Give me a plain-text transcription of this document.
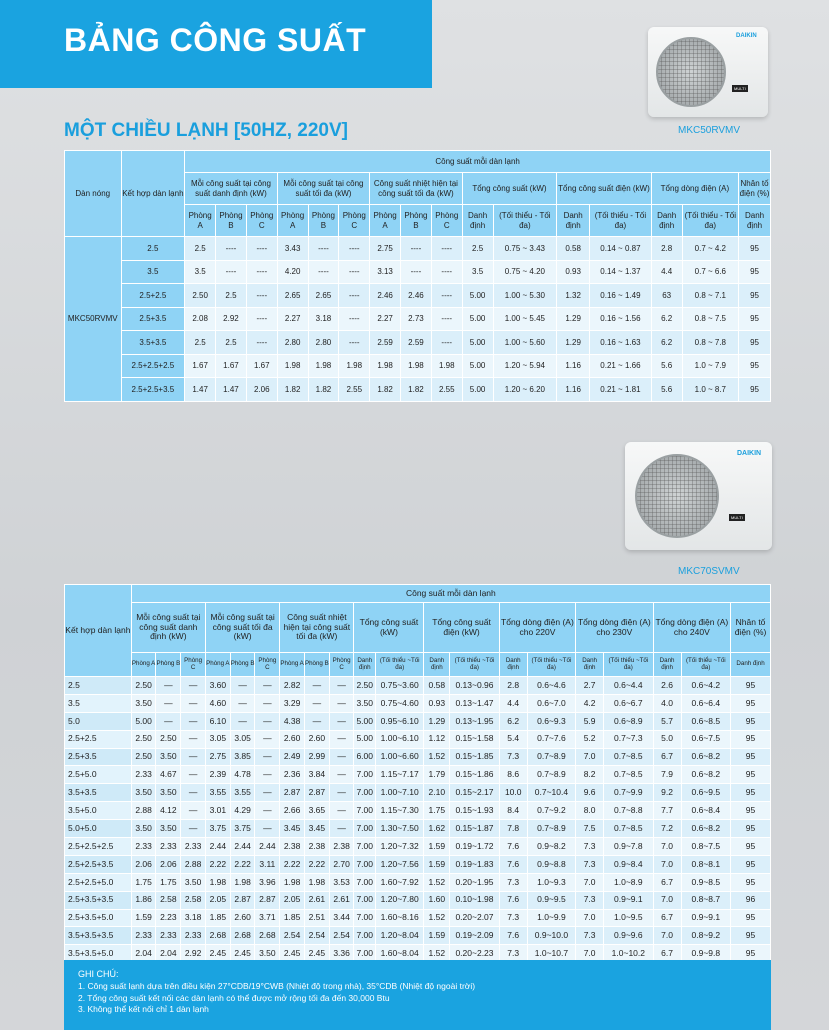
BẢNG CÔNG SUẤT
MỘT CHIỀU LẠNH [50HZ, 220V]
DAIKIN
MULTI
MKC50RVMV
DAIKIN
MULTI
MKC70SVMV
Dàn nóng	Kết hợp dàn lạnh	Công suất mỗi dàn lạnh															
		Mỗi công suất tại công suất danh định (kW)			Mỗi công suất tại công suất tối đa (kW)			Công suất nhiệt hiện tại công suất tối đa (kW)			Tổng công suất (kW)		Tổng công suất điện (kW)		Tổng dòng điện (A)		Nhân tố điện (%)
		Phòng A	Phòng B	Phòng C	Phòng A	Phòng B	Phòng C	Phòng A	Phòng B	Phòng C	Danh định	(Tối thiểu - Tối đa)	Danh định	(Tối thiểu - Tối đa)	Danh định	(Tối thiểu - Tối đa)	Danh định
MKC50RVMV	2.5	2.5	----	----	3.43	----	----	2.75	----	----	2.5	0.75 ~ 3.43	0.58	0.14 ~ 0.87	2.8	0.7 ~ 4.2	95
	3.5	3.5	----	----	4.20	----	----	3.13	----	----	3.5	0.75 ~ 4.20	0.93	0.14 ~ 1.37	4.4	0.7 ~ 6.6	95
	2.5+2.5	2.50	2.5	----	2.65	2.65	----	2.46	2.46	----	5.00	1.00 ~ 5.30	1.32	0.16 ~ 1.49	63	0.8 ~ 7.1	95
	2.5+3.5	2.08	2.92	----	2.27	3.18	----	2.27	2.73	----	5.00	1.00 ~ 5.45	1.29	0.16 ~ 1.56	6.2	0.8 ~ 7.5	95
	3.5+3.5	2.5	2.5	----	2.80	2.80	----	2.59	2.59	----	5.00	1.00 ~ 5.60	1.29	0.16 ~ 1.63	6.2	0.8 ~ 7.8	95
	2.5+2.5+2.5	1.67	1.67	1.67	1.98	1.98	1.98	1.98	1.98	1.98	5.00	1.20 ~ 5.94	1.16	0.21 ~ 1.66	5.6	1.0 ~ 7.9	95
	2.5+2.5+3.5	1.47	1.47	2.06	1.82	1.82	2.55	1.82	1.82	2.55	5.00	1.20 ~ 6.20	1.16	0.21 ~ 1.81	5.6	1.0 ~ 8.7	95
Kết hợp dàn lạnh	Công suất mỗi dàn lạnh																			
	Mỗi công suất tại công suất danh định (kW)			Mỗi công suất tại công suất tối đa (kW)			Công suất nhiệt hiện tại công suất tối đa (kW)			Tổng công suất (kW)		Tổng công suất điện (kW)		Tổng dòng điện (A) cho 220V		Tổng dòng điện (A) cho 230V		Tổng dòng điện (A) cho 240V		Nhân tố điện (%)
	Phòng A	Phòng B	Phòng C	Phòng A	Phòng B	Phòng C	Phòng A	Phòng B	Phòng C	Danh định	(Tối thiểu ~Tối đa)	Danh định	(Tối thiểu ~Tối đa)	Danh định	(Tối thiểu ~Tối đa)	Danh định	(Tối thiểu ~Tối đa)	Danh định	(Tối thiểu ~Tối đa)	Danh định
2.5	2.50	—	—	3.60	—	—	2.82	—	—	2.50	0.75~3.60	0.58	0.13~0.96	2.8	0.6~4.6	2.7	0.6~4.4	2.6	0.6~4.2	95
3.5	3.50	—	—	4.60	—	—	3.29	—	—	3.50	0.75~4.60	0.93	0.13~1.47	4.4	0.6~7.0	4.2	0.6~6.7	4.0	0.6~6.4	95
5.0	5.00	—	—	6.10	—	—	4.38	—	—	5.00	0.95~6.10	1.29	0.13~1.95	6.2	0.6~9.3	5.9	0.6~8.9	5.7	0.6~8.5	95
2.5+2.5	2.50	2.50	—	3.05	3.05	—	2.60	2.60	—	5.00	1.00~6.10	1.12	0.15~1.58	5.4	0.7~7.6	5.2	0.7~7.3	5.0	0.6~7.5	95
2.5+3.5	2.50	3.50	—	2.75	3.85	—	2.49	2.99	—	6.00	1.00~6.60	1.52	0.15~1.85	7.3	0.7~8.9	7.0	0.7~8.5	6.7	0.6~8.2	95
2.5+5.0	2.33	4.67	—	2.39	4.78	—	2.36	3.84	—	7.00	1.15~7.17	1.79	0.15~1.86	8.6	0.7~8.9	8.2	0.7~8.5	7.9	0.6~8.2	95
3.5+3.5	3.50	3.50	—	3.55	3.55	—	2.87	2.87	—	7.00	1.00~7.10	2.10	0.15~2.17	10.0	0.7~10.4	9.6	0.7~9.9	9.2	0.6~9.5	95
3.5+5.0	2.88	4.12	—	3.01	4.29	—	2.66	3.65	—	7.00	1.15~7.30	1.75	0.15~1.93	8.4	0.7~9.2	8.0	0.7~8.8	7.7	0.6~8.4	95
5.0+5.0	3.50	3.50	—	3.75	3.75	—	3.45	3.45	—	7.00	1.30~7.50	1.62	0.15~1.87	7.8	0.7~8.9	7.5	0.7~8.5	7.2	0.6~8.2	95
2.5+2.5+2.5	2.33	2.33	2.33	2.44	2.44	2.44	2.38	2.38	2.38	7.00	1.20~7.32	1.59	0.19~1.72	7.6	0.9~8.2	7.3	0.9~7.8	7.0	0.8~7.5	95
2.5+2.5+3.5	2.06	2.06	2.88	2.22	2.22	3.11	2.22	2.22	2.70	7.00	1.20~7.56	1.59	0.19~1.83	7.6	0.9~8.8	7.3	0.9~8.4	7.0	0.8~8.1	95
2.5+2.5+5.0	1.75	1.75	3.50	1.98	1.98	3.96	1.98	1.98	3.53	7.00	1.60~7.92	1.52	0.20~1.95	7.3	1.0~9.3	7.0	1.0~8.9	6.7	0.9~8.5	95
2.5+3.5+3.5	1.86	2.58	2.58	2.05	2.87	2.87	2.05	2.61	2.61	7.00	1.20~7.80	1.60	0.10~1.98	7.6	0.9~9.5	7.3	0.9~9.1	7.0	0.8~8.7	96
2.5+3.5+5.0	1.59	2.23	3.18	1.85	2.60	3.71	1.85	2.51	3.44	7.00	1.60~8.16	1.52	0.20~2.07	7.3	1.0~9.9	7.0	1.0~9.5	6.7	0.9~9.1	95
3.5+3.5+3.5	2.33	2.33	2.33	2.68	2.68	2.68	2.54	2.54	2.54	7.00	1.20~8.04	1.59	0.19~2.09	7.6	0.9~10.0	7.3	0.9~9.6	7.0	0.8~9.2	95
3.5+3.5+5.0	2.04	2.04	2.92	2.45	2.45	3.50	2.45	2.45	3.36	7.00	1.60~8.04	1.52	0.20~2.23	7.3	1.0~10.7	7.0	1.0~10.2	6.7	0.9~9.8	95
GHI CHÚ:
1. Công suất lạnh dựa trên điều kiện 27°CDB/19°CWB (Nhiệt độ trong nhà), 35°CDB (Nhiệt độ ngoài trời)
2. Tổng công suất kết nối các dàn lạnh có thể được mở rộng tối đa đến 30,000 Btu
3. Không thể kết nối chỉ 1 dàn lạnh
